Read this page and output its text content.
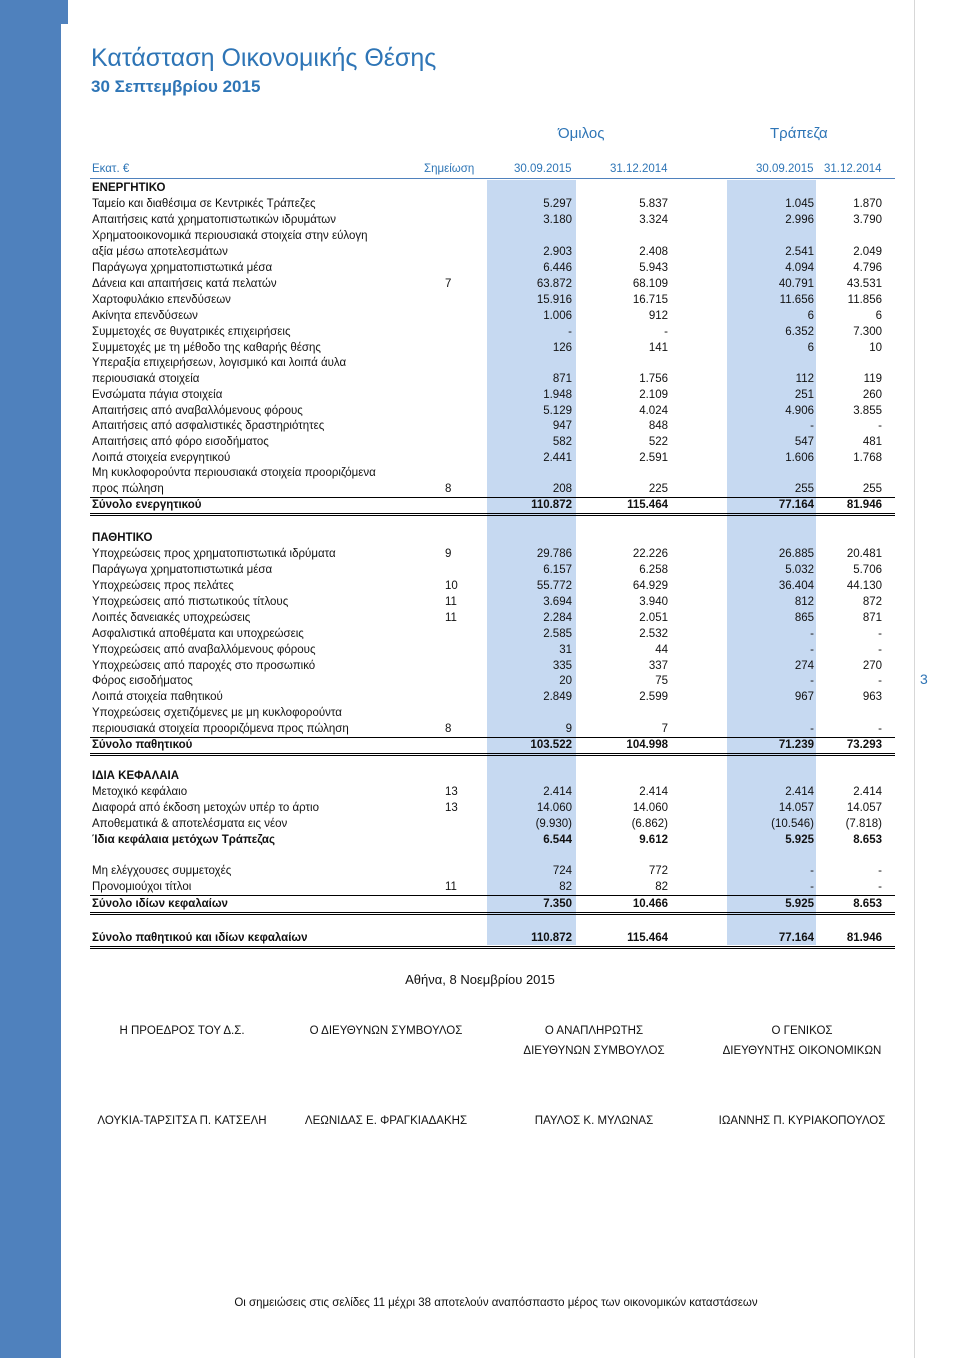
3
Κατάσταση Οικονομικής Θέσης
30 Σεπτεμβρίου 2015
Όμιλος	Τράπεζα
Εκατ. €	Σημείωση	30.09.2015	31.12.2014	30.09.2015 31.12.2014
ΕΝΕΡΓΗΤΙΚΟ
Ταμείο και διαθέσιμα σε Κεντρικές Τράπεζες	5.297	5.837	1.045	1.870
Απαιτήσεις κατά χρηματοπιστωτικών ιδρυμάτων	3.180	3.324	2.996	3.790
Χρηματοοικονομικά περιουσιακά στοιχεία στην εύλογη
αξία μέσω αποτελεσμάτων	2.903	2.408	2.541	2.049
Παράγωγα χρηματοπιστωτικά μέσα	6.446	5.943	4.094	4.796
Δάνεια και απαιτήσεις κατά πελατών	7	63.872	68.109	40.791	43.531
Χαρτοφυλάκιο επενδύσεων	15.916	16.715	11.656	11.856
Ακίνητα επενδύσεων	1.006	912	6	6
Συμμετοχές σε θυγατρικές επιχειρήσεις	-	-	6.352	7.300
Συμμετοχές με τη μέθοδο της καθαρής θέσης	126	141	6	10
Υπεραξία επιχειρήσεων, λογισμικό και λοιπά άυλα
περιουσιακά στοιχεία	871	1.756	112	119
Ενσώματα πάγια στοιχεία	1.948	2.109	251	260
Απαιτήσεις από αναβαλλόμενους φόρους	5.129	4.024	4.906	3.855
Απαιτήσεις από ασφαλιστικές δραστηριότητες	947	848	-	-
Απαιτήσεις από φόρο εισοδήματος	582	522	547	481
Λοιπά στοιχεία ενεργητικού	2.441	2.591	1.606	1.768
Μη κυκλοφορούντα περιουσιακά στοιχεία προοριζόμενα
προς πώληση	8	208	225	255	255
Σύνολο ενεργητικού	110.872	115.464	77.164	81.946
ΠΑΘΗΤΙΚΟ
Υποχρεώσεις προς χρηματοπιστωτικά ιδρύματα	9	29.786	22.226	26.885	20.481
Παράγωγα χρηματοπιστωτικά μέσα	6.157	6.258	5.032	5.706
Υποχρεώσεις προς πελάτες	10	55.772	64.929	36.404	44.130
Υποχρεώσεις από πιστωτικούς τίτλους	11	3.694	3.940	812	872
Λοιπές δανειακές υποχρεώσεις	11	2.284	2.051	865	871
Ασφαλιστικά αποθέματα και υποχρεώσεις	2.585	2.532	-	-
Υποχρεώσεις από αναβαλλόμενους φόρους	31	44	-	-
Υποχρεώσεις από παροχές στο προσωπικό	335	337	274	270
Φόρος εισοδήματος	20	75	-	-
Λοιπά στοιχεία παθητικού	2.849	2.599	967	963
Υποχρεώσεις σχετιζόμενες με μη κυκλοφορούντα
περιουσιακά στοιχεία προοριζόμενα προς πώληση	8	9	7	-	-
Σύνολο παθητικού	103.522	104.998	71.239	73.293
ΙΔΙΑ ΚΕΦΑΛΑΙΑ
Μετοχικό κεφάλαιο	13	2.414	2.414	2.414	2.414
Διαφορά από έκδοση μετοχών υπέρ το άρτιο	13	14.060	14.060	14.057	14.057
Αποθεματικά & αποτελέσματα εις νέον	(9.930)	(6.862)	(10.546)	(7.818)
Ίδια κεφάλαια μετόχων Τράπεζας	6.544	9.612	5.925	8.653
Μη ελέγχουσες συμμετοχές	724	772	-	-
Προνομιούχοι τίτλοι	11	82	82	-	-
Σύνολο ιδίων κεφαλαίων	7.350	10.466	5.925	8.653
Σύνολο παθητικού και ιδίων κεφαλαίων	110.872	115.464	77.164	81.946
Αθήνα, 8 Νοεμβρίου 2015
Η ΠΡΟΕΔΡΟΣ ΤΟΥ Δ.Σ.	Ο ΔΙΕΥΘΥΝΩΝ ΣΥΜΒΟΥΛΟΣ	Ο ΑΝΑΠΛΗΡΩΤΗΣ
ΔΙΕΥΘΥΝΩΝ ΣΥΜΒΟΥΛΟΣ
Ο ΓΕΝΙΚΟΣ
ΔΙΕΥΘΥΝΤΗΣ ΟΙΚΟΝΟΜΙΚΩΝ
ΛΟΥΚΙΑ-ΤΑΡΣΙΤΣΑ Π. ΚΑΤΣΕΛΗ	ΛΕΩΝΙΔΑΣ Ε. ΦΡΑΓΚΙΑΔΑΚΗΣ	ΠΑΥΛΟΣ Κ. ΜΥΛΩΝΑΣ	ΙΩΑΝΝΗΣ Π. ΚΥΡΙΑΚΟΠΟΥΛΟΣ
Οι σημειώσεις στις σελίδες 11 μέχρι 38 αποτελούν αναπόσπαστο μέρος των οικονομικών καταστάσεων
